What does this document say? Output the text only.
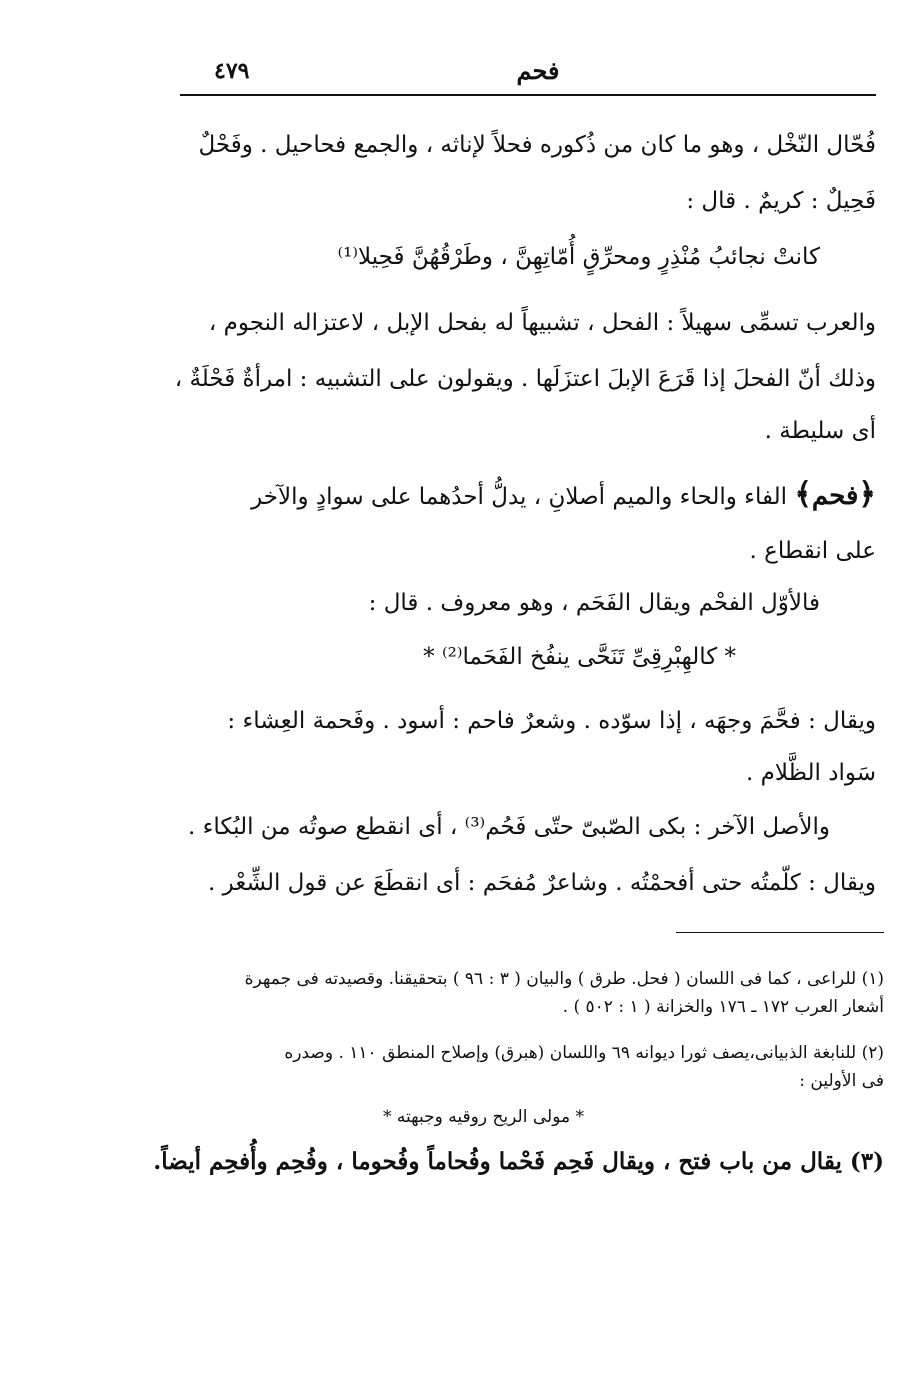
٤٧٩	فحم
فُحّال النّخْل ، وهو ما كان من ذُكوره فحلاً لإناثه ، والجمع فحاحيل . وفَحْلٌ
فَحِيلٌ : كريمٌ . قال :
كانتْ نجائبُ مُنْذِرٍ ومحرِّقٍ أُمّاتِهِنَّ ، وطَرْقُهُنَّ فَحِيلا⁽¹⁾
والعرب تسمِّى سهيلاً : الفحل ، تشبيهاً له بفحل الإبل ، لاعتزاله النجوم ،
وذلك أنّ الفحلَ إذا قَرَعَ الإبلَ اعتزَلَها . ويقولون على التشبيه : امرأةٌ فَحْلَةٌ ،
أى سليطة .
﴿فحم﴾ الفاء والحاء والميم أصلانِ ، يدلُّ أحدُهما على سوادٍ والآخر
على انقطاع .
فالأوّل الفحْم ويقال الفَحَم ، وهو معروف . قال :
* كالهِبْرِقِىِّ تَنَحَّى ينفُخ الفَحَما⁽²⁾ *
ويقال : فحَّمَ وجهَه ، إذا سوّده . وشعرٌ فاحم : أسود . وفَحمة العِشاء :
سَواد الظَّلام .
والأصل الآخر : بكى الصّبىّ حتّى فَحُم⁽³⁾ ، أى انقطع صوتُه من البُكاء .
ويقال : كلّمتُه حتى أفحمْتُه . وشاعرٌ مُفحَم : أى انقطَعَ عن قول الشِّعْر .
(١) للراعى ، كما فى اللسان ( فحل. طرق ) والبيان ( ٣ : ٩٦ ) بتحقيقنا. وقصيدته فى جمهرة
أشعار العرب ١٧٢ ـ ١٧٦ والخزانة ( ١ : ٥٠٢ ) .
(٢) للنابغة الذبيانى،يصف ثورا ديوانه ٦٩ واللسان (هبرق) وإصلاح المنطق ١١٠ . وصدره
فى الأولين :
* مولى الريح روقيه وجبهته *
(٣) يقال من باب فتح ، ويقال فَحِم فَحْما وفُحاماً وفُحوما ، وفُحِم وأُفحِم أيضاً.
